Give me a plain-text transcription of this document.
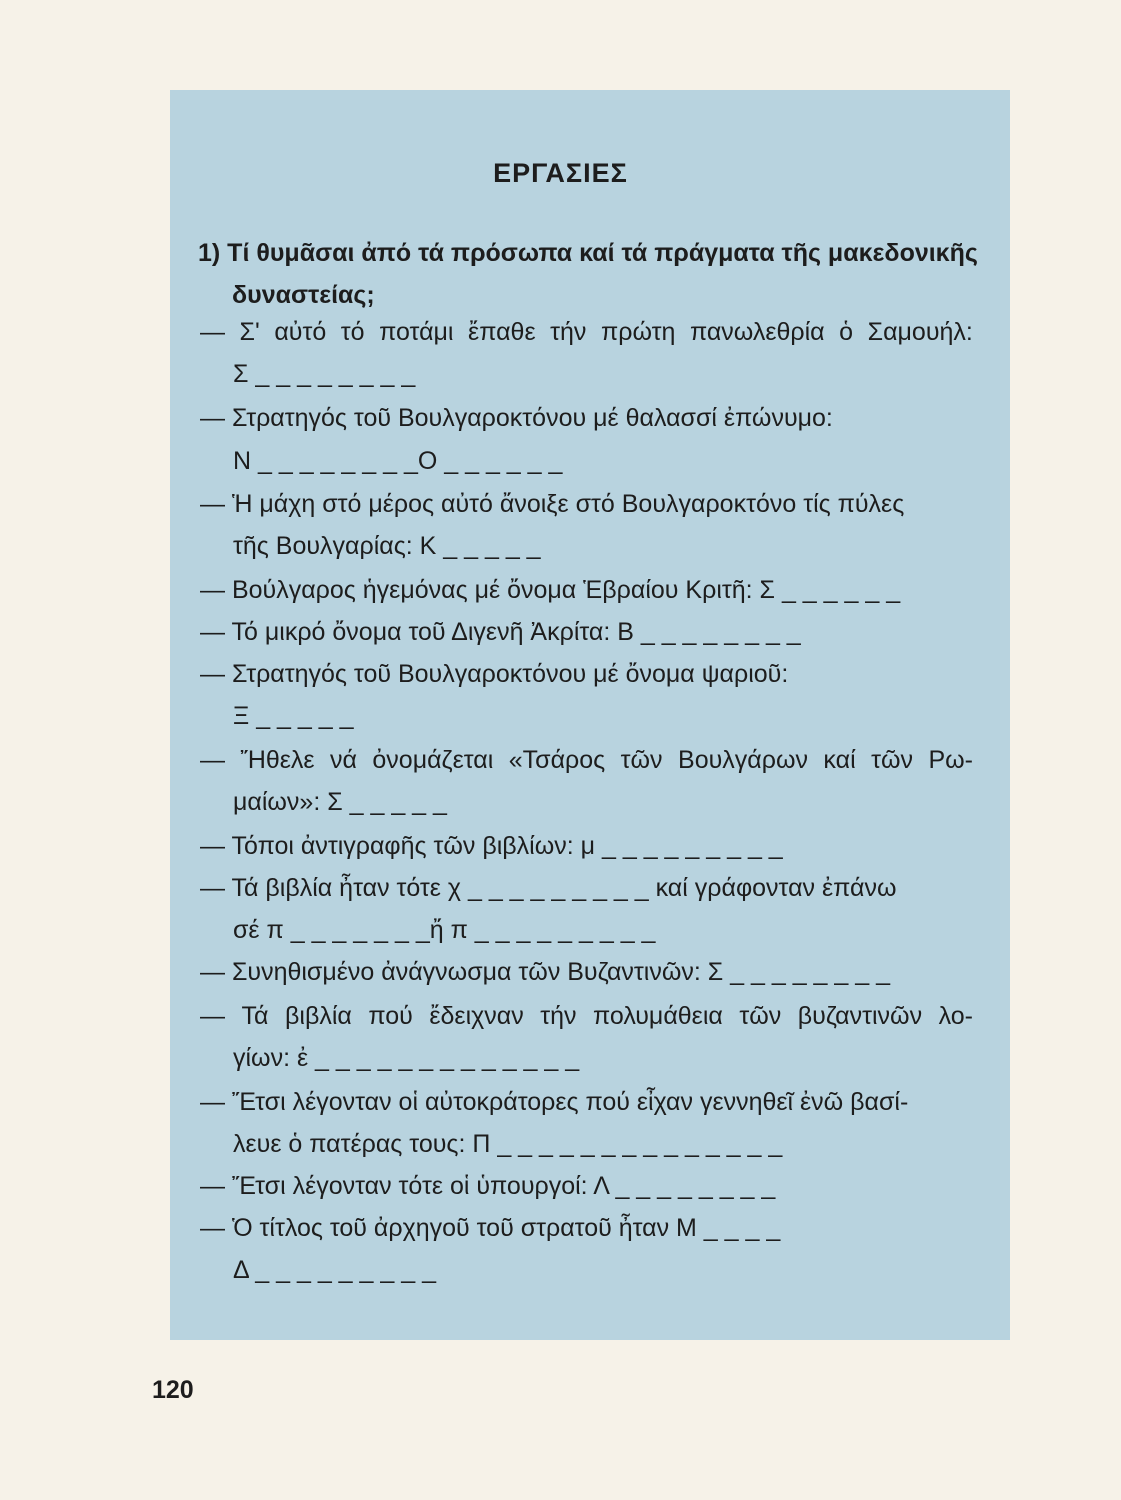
ΕΡΓΑΣΙΕΣ
1) Τί θυμᾶσαι ἀπό τά πρόσωπα καί τά πράγματα τῆς μακεδονικῆς
δυναστείας;
— Σ' αὐτό τό ποτάμι ἔπαθε τήν πρώτη πανωλεθρία ὁ Σαμουήλ:
Σ _ _ _ _ _ _ _ _
— Στρατηγός τοῦ Βουλγαροκτόνου μέ θαλασσί ἐπώνυμο:
Ν _ _ _ _ _ _ _ _Ο _ _ _ _ _ _
— Ἡ μάχη στό μέρος αὐτό ἄνοιξε στό Βουλγαροκτόνο τίς πύλες
τῆς Βουλγαρίας: Κ _ _ _ _ _
— Βούλγαρος ἡγεμόνας μέ ὄνομα Ἑβραίου Κριτῆ: Σ _ _ _ _ _ _
— Τό μικρό ὄνομα τοῦ Διγενῆ Ἀκρίτα: Β _ _ _ _ _ _ _ _
— Στρατηγός τοῦ Βουλγαροκτόνου μέ ὄνομα ψαριοῦ:
Ξ _ _ _ _ _
— Ἤθελε νά ὀνομάζεται «Τσάρος τῶν Βουλγάρων καί τῶν Ρω-
μαίων»: Σ _ _ _ _ _
— Τόποι ἀντιγραφῆς τῶν βιβλίων: μ _ _ _ _ _ _ _ _ _
— Τά βιβλία ἦταν τότε χ _ _ _ _ _ _ _ _ _ καί γράφονταν ἐπάνω
σέ π _ _ _ _ _ _ _ἤ π _ _ _ _ _ _ _ _ _
— Συνηθισμένο ἀνάγνωσμα τῶν Βυζαντινῶν: Σ _ _ _ _ _ _ _ _
— Τά βιβλία πού ἔδειχναν τήν πολυμάθεια τῶν βυζαντινῶν λο-
γίων: ἐ _ _ _ _ _ _ _ _ _ _ _ _ _
— Ἔτσι λέγονταν οἱ αὐτοκράτορες πού εἶχαν γεννηθεῖ ἐνῶ βασί-
λευε ὁ πατέρας τους: Π _ _ _ _ _ _ _ _ _ _ _ _ _ _
— Ἔτσι λέγονταν τότε οἱ ὑπουργοί: Λ _ _ _ _ _ _ _ _
— Ὁ τίτλος τοῦ ἀρχηγοῦ τοῦ στρατοῦ ἦταν Μ _ _ _ _
Δ _ _ _ _ _ _ _ _ _
120
